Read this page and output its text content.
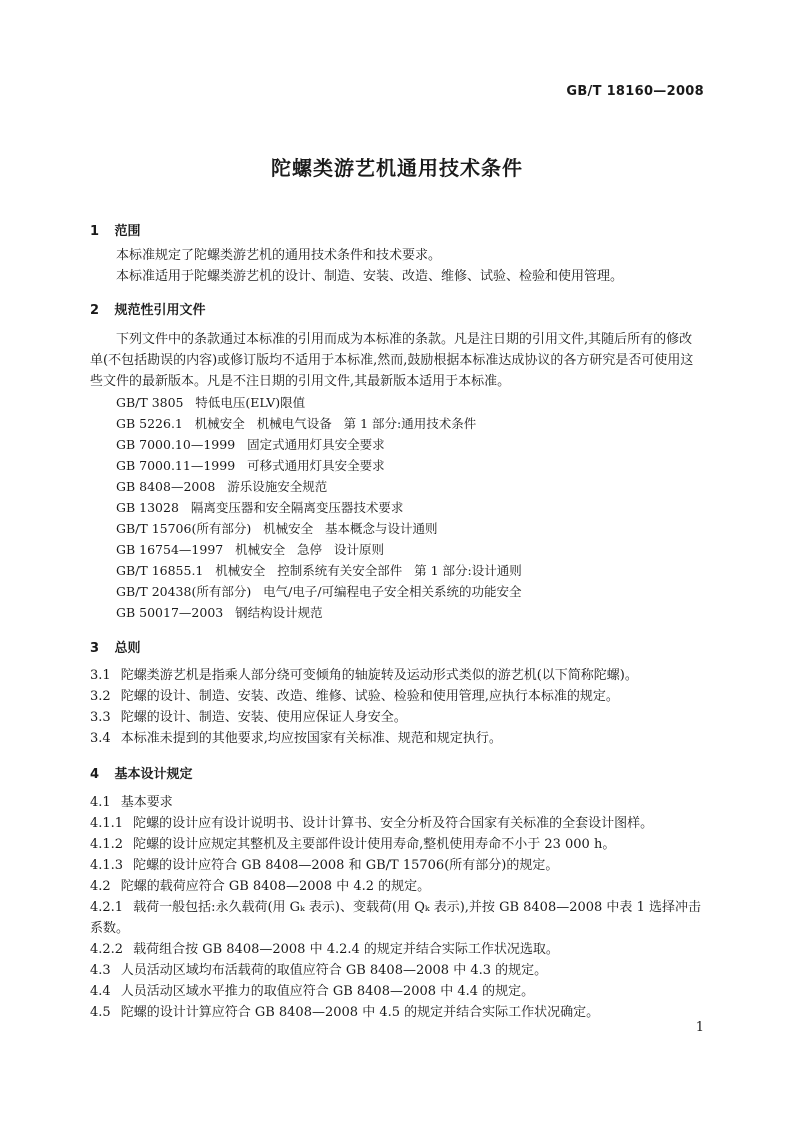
GB/T 18160—2008
陀螺类游艺机通用技术条件
1 范围
本标准规定了陀螺类游艺机的通用技术条件和技术要求。
本标准适用于陀螺类游艺机的设计、制造、安装、改造、维修、试验、检验和使用管理。
2 规范性引用文件
下列文件中的条款通过本标准的引用而成为本标准的条款。凡是注日期的引用文件,其随后所有的修改单(不包括勘误的内容)或修订版均不适用于本标准,然而,鼓励根据本标准达成协议的各方研究是否可使用这些文件的最新版本。凡是不注日期的引用文件,其最新版本适用于本标准。
GB/T 3805   特低电压(ELV)限值
GB 5226.1   机械安全   机械电气设备   第 1 部分:通用技术条件
GB 7000.10—1999   固定式通用灯具安全要求
GB 7000.11—1999   可移式通用灯具安全要求
GB 8408—2008   游乐设施安全规范
GB 13028   隔离变压器和安全隔离变压器技术要求
GB/T 15706(所有部分)   机械安全   基本概念与设计通则
GB 16754—1997   机械安全   急停   设计原则
GB/T 16855.1   机械安全   控制系统有关安全部件   第 1 部分:设计通则
GB/T 20438(所有部分)   电气/电子/可编程电子安全相关系统的功能安全
GB 50017—2003   钢结构设计规范
3 总则
3.1 陀螺类游艺机是指乘人部分绕可变倾角的轴旋转及运动形式类似的游艺机(以下简称陀螺)。
3.2 陀螺的设计、制造、安装、改造、维修、试验、检验和使用管理,应执行本标准的规定。
3.3 陀螺的设计、制造、安装、使用应保证人身安全。
3.4 本标准未提到的其他要求,均应按国家有关标准、规范和规定执行。
4 基本设计规定
4.1 基本要求
4.1.1 陀螺的设计应有设计说明书、设计计算书、安全分析及符合国家有关标准的全套设计图样。
4.1.2 陀螺的设计应规定其整机及主要部件设计使用寿命,整机使用寿命不小于 23 000 h。
4.1.3 陀螺的设计应符合 GB 8408—2008 和 GB/T 15706(所有部分)的规定。
4.2 陀螺的载荷应符合 GB 8408—2008 中 4.2 的规定。
4.2.1 载荷一般包括:永久载荷(用 Gₖ 表示)、变载荷(用 Qₖ 表示),并按 GB 8408—2008 中表 1 选择冲击系数。
4.2.2 载荷组合按 GB 8408—2008 中 4.2.4 的规定并结合实际工作状况选取。
4.3 人员活动区域均布活载荷的取值应符合 GB 8408—2008 中 4.3 的规定。
4.4 人员活动区域水平推力的取值应符合 GB 8408—2008 中 4.4 的规定。
4.5 陀螺的设计计算应符合 GB 8408—2008 中 4.5 的规定并结合实际工作状况确定。
1
